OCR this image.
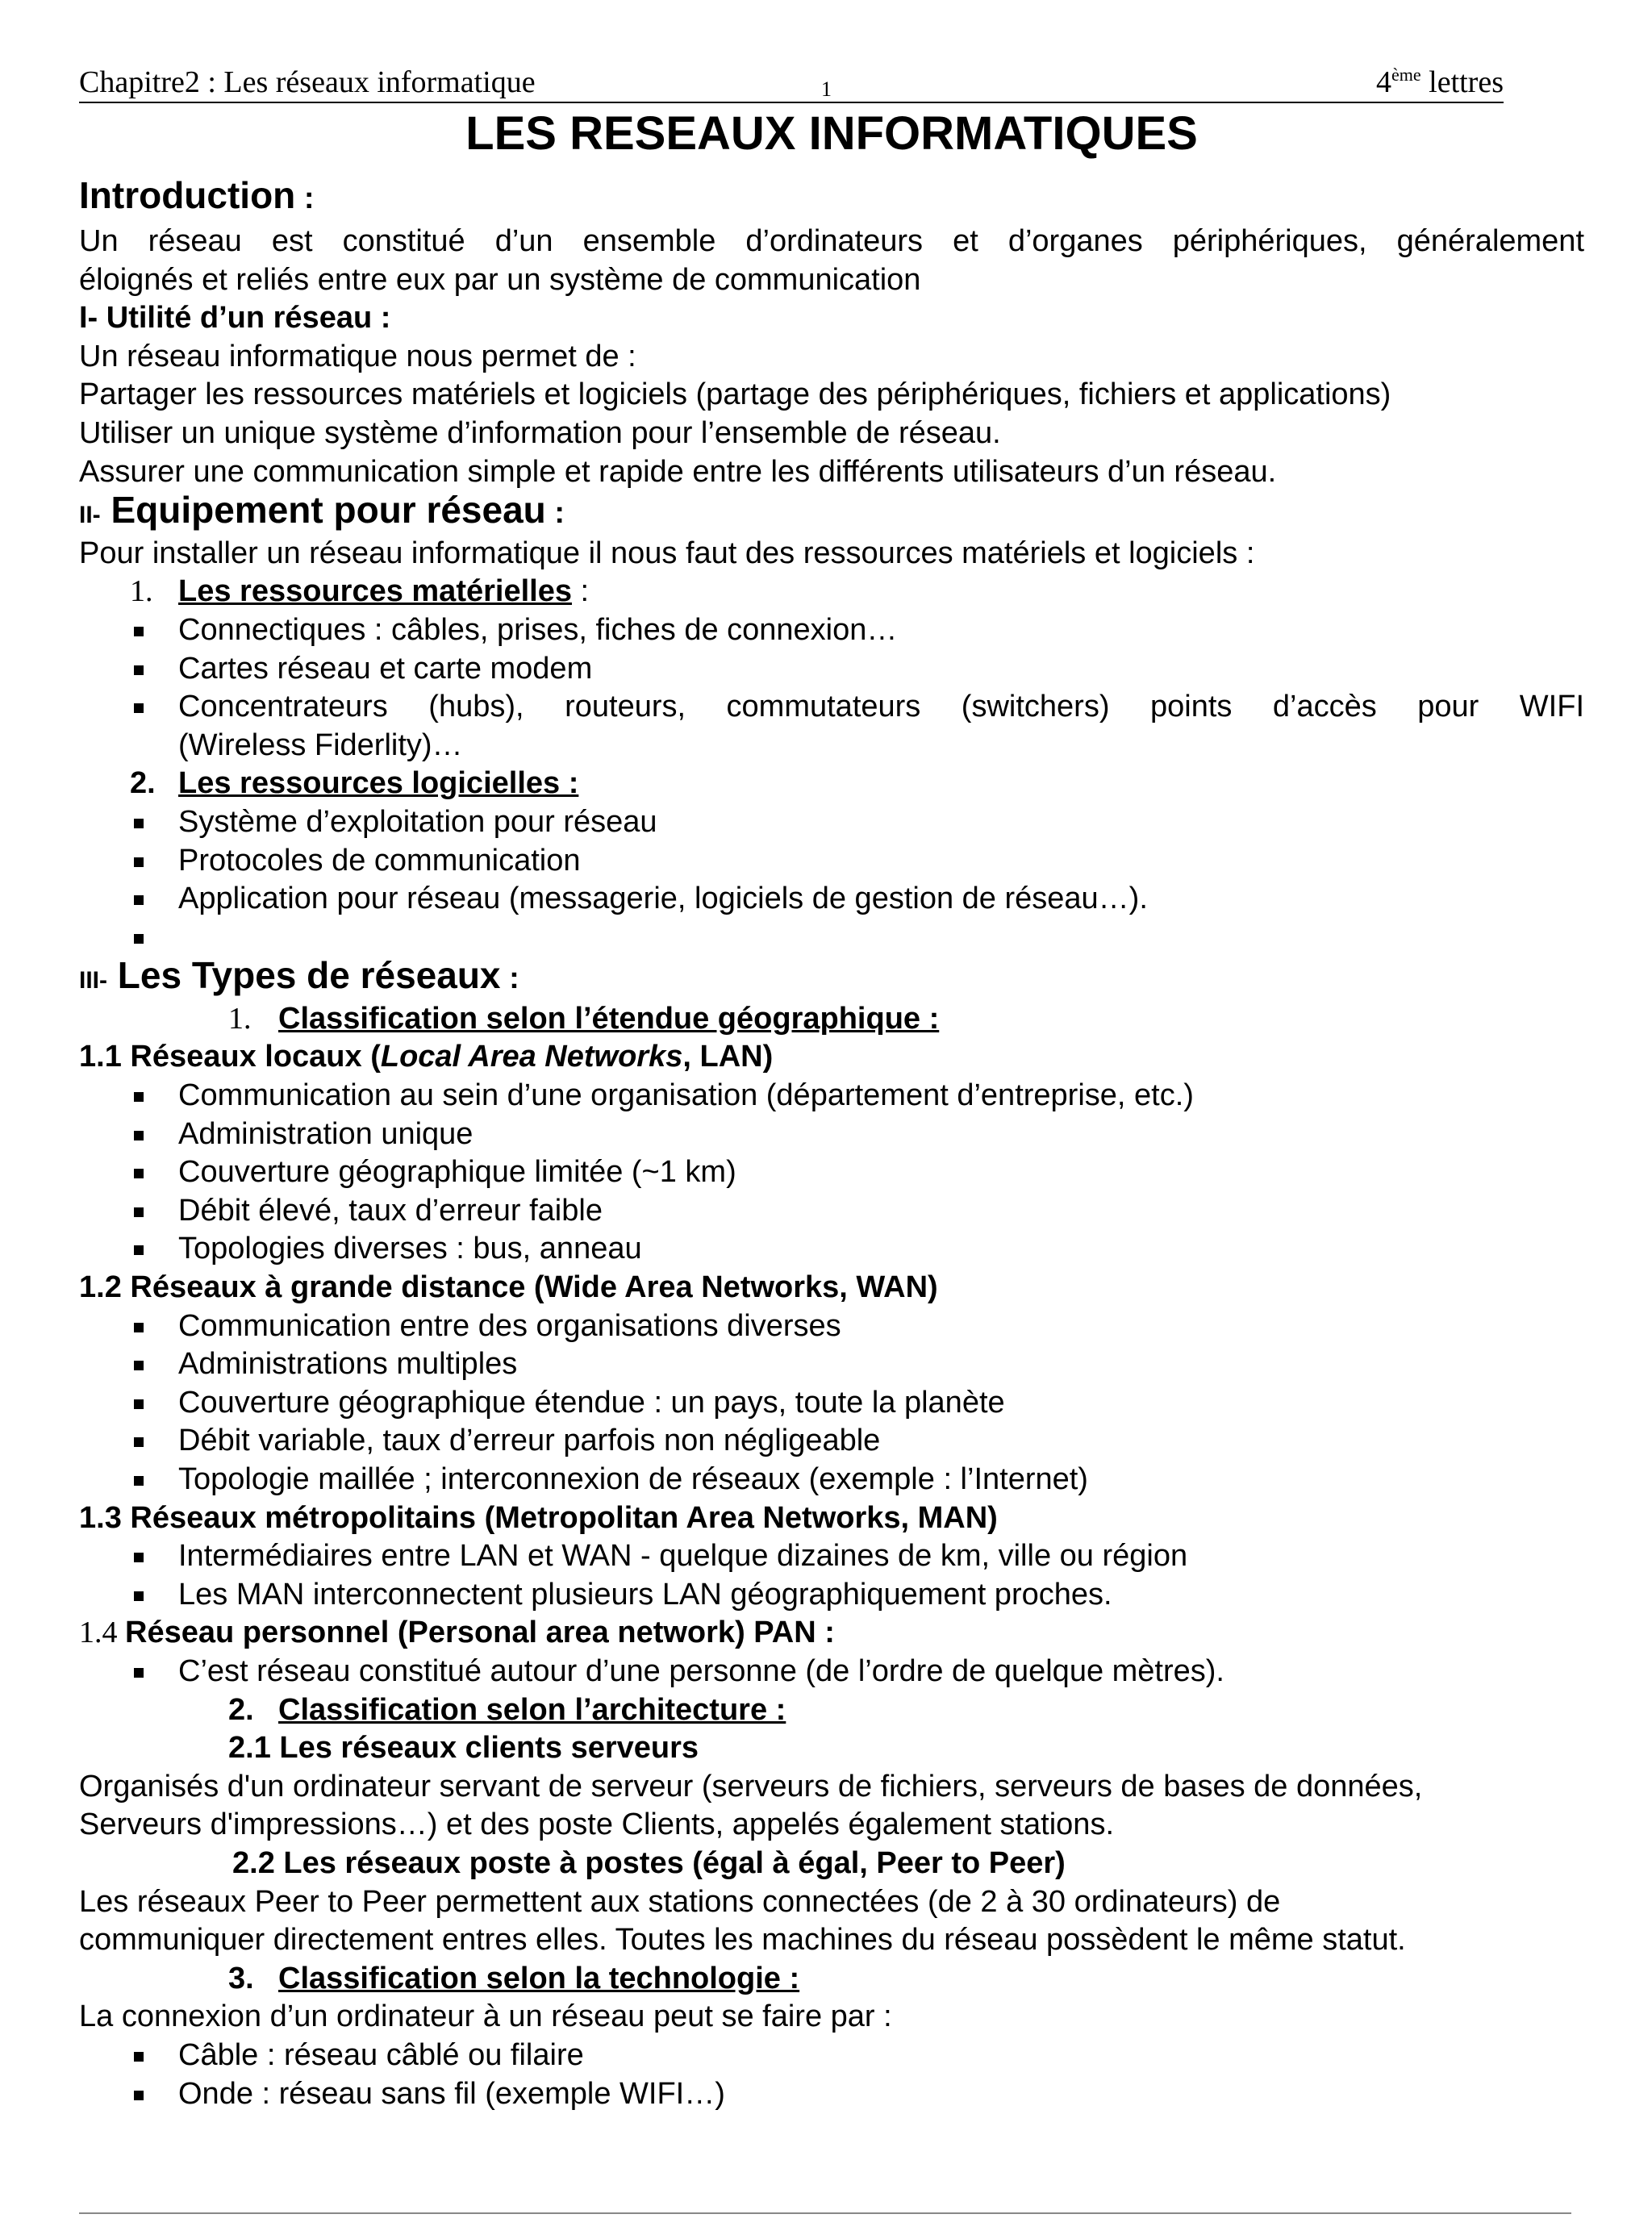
Chapitre2 : Les réseaux informatique	1	4ème lettres
LES RESEAUX INFORMATIQUES
Introduction :

Un réseau est constitué d’un ensemble d’ordinateurs et d’organes périphériques, généralement

éloignés et reliés entre eux par un système de communication

I- Utilité d’un réseau :

Un réseau informatique nous permet de :

Partager les ressources matériels et logiciels (partage des périphériques, fichiers et applications)

Utiliser un unique système d’information pour l’ensemble de réseau.

Assurer une communication simple et rapide entre les différents utilisateurs d’un réseau.

II- Equipement pour réseau :

Pour installer un réseau informatique il nous faut des ressources matériels et logiciels :

1. Les ressources matérielles :

Connectiques : câbles, prises, fiches de connexion…
Cartes réseau et carte modem
Concentrateurs (hubs), routeurs, commutateurs (switchers) points d’accès pour WIFI
(Wireless Fiderlity)…

2. Les ressources logicielles :

Système d’exploitation pour réseau
Protocoles de communication
Application pour réseau (messagerie, logiciels de gestion de réseau…).

III- Les Types de réseaux :

1. Classification selon l’étendue géographique :

1.1 Réseaux locaux (Local Area Networks, LAN)

Communication au sein d’une organisation (département d’entreprise, etc.)
Administration unique
Couverture géographique limitée (~1 km)
Débit élevé, taux d’erreur faible
Topologies diverses : bus, anneau

1.2 Réseaux à grande distance (Wide Area Networks, WAN)

Communication entre des organisations diverses
Administrations multiples
Couverture géographique étendue : un pays, toute la planète
Débit variable, taux d’erreur parfois non négligeable
Topologie maillée ; interconnexion de réseaux (exemple : l’Internet)

1.3 Réseaux métropolitains (Metropolitan Area Networks, MAN)

Intermédiaires entre LAN et WAN - quelque dizaines de km, ville ou région
Les MAN interconnectent plusieurs LAN géographiquement proches.

1.4 Réseau personnel (Personal area network) PAN :

C’est réseau constitué autour d’une personne (de l’ordre de quelque mètres).

2. Classification selon l’architecture :

2.1 Les réseaux clients serveurs

Organisés d'un ordinateur servant de serveur (serveurs de fichiers, serveurs de bases de données,

Serveurs d'impressions…) et des poste Clients, appelés également stations.

2.2 Les réseaux poste à postes (égal à égal, Peer to Peer)

Les réseaux Peer to Peer permettent aux stations connectées (de 2 à 30 ordinateurs) de

communiquer directement entres elles. Toutes les machines du réseau possèdent le même statut.

3. Classification selon la technologie :

La connexion d’un ordinateur à un réseau peut se faire par :

Câble : réseau câblé ou filaire
Onde : réseau sans fil (exemple WIFI…)
